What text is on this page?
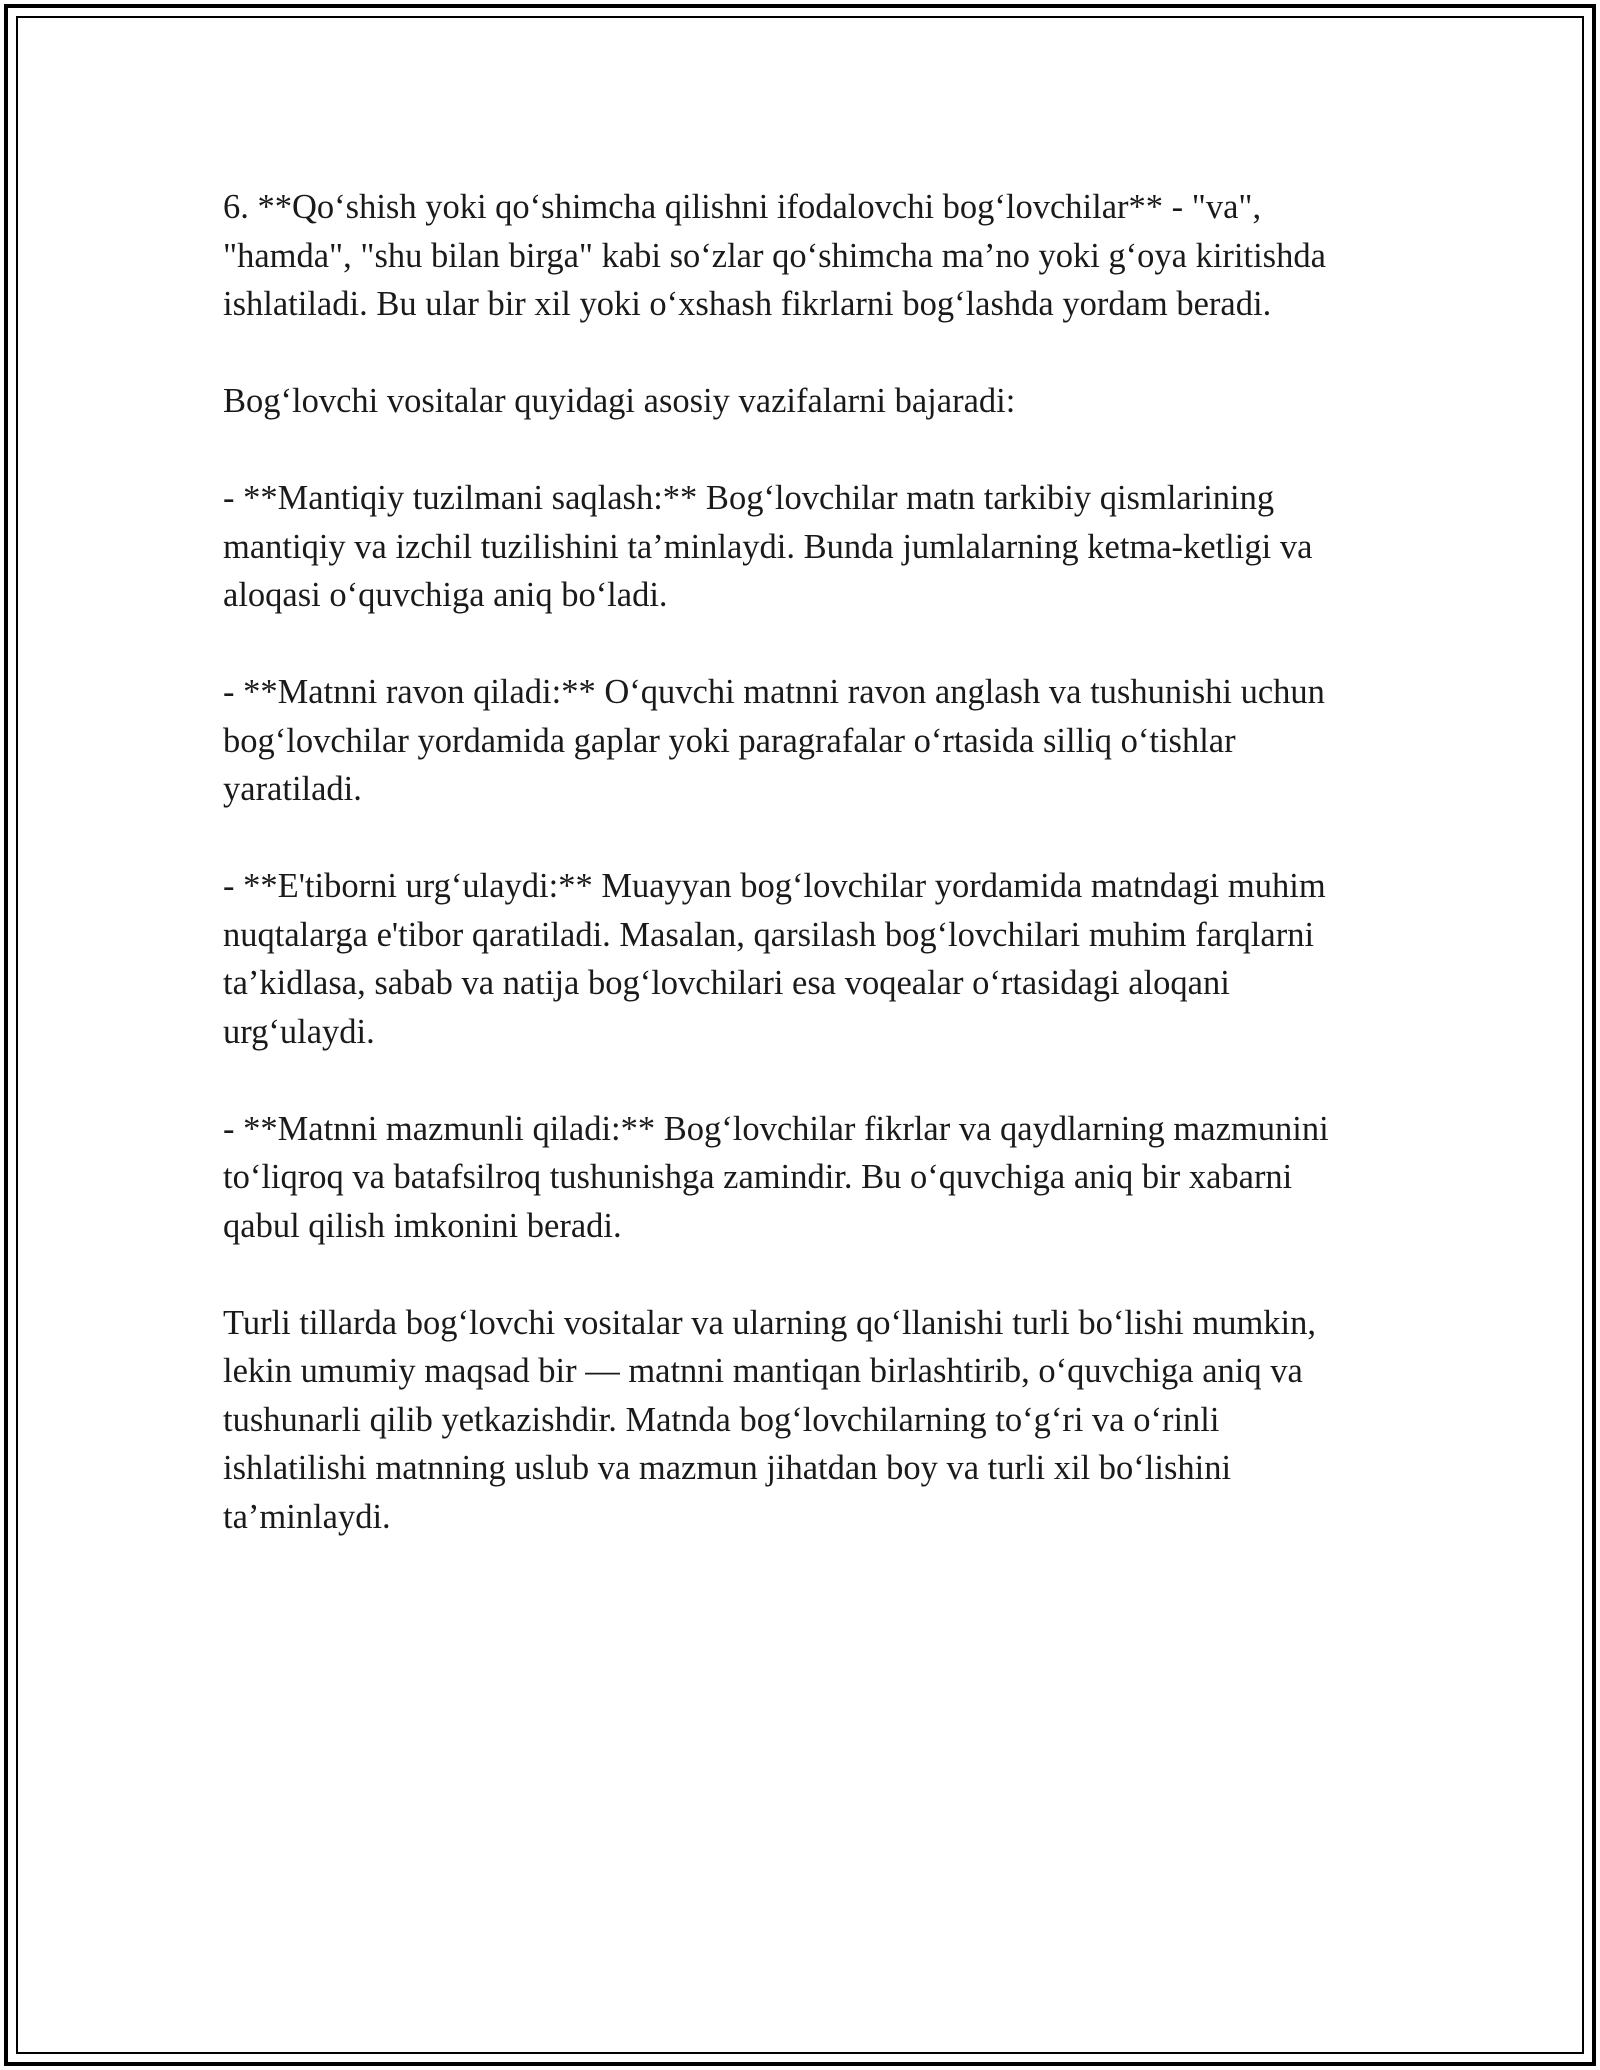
6. **Qo‘shish yoki qo‘shimcha qilishni ifodalovchi bog‘lovchilar** - "va", "hamda", "shu bilan birga" kabi so‘zlar qo‘shimcha ma’no yoki g‘oya kiritishda ishlatiladi. Bu ular bir xil yoki o‘xshash fikrlarni bog‘lashda yordam beradi.

Bog‘lovchi vositalar quyidagi asosiy vazifalarni bajaradi:

- **Mantiqiy tuzilmani saqlash:** Bog‘lovchilar matn tarkibiy qismlarining mantiqiy va izchil tuzilishini ta’minlaydi. Bunda jumlalarning ketma-ketligi va aloqasi o‘quvchiga aniq bo‘ladi.

- **Matnni ravon qiladi:** O‘quvchi matnni ravon anglash va tushunishi uchun bog‘lovchilar yordamida gaplar yoki paragrafalar o‘rtasida silliq o‘tishlar yaratiladi.

- **E'tiborni urg‘ulaydi:** Muayyan bog‘lovchilar yordamida matndagi muhim nuqtalarga e'tibor qaratiladi. Masalan, qarsilash bog‘lovchilari muhim farqlarni ta’kidlasa, sabab va natija bog‘lovchilari esa voqealar o‘rtasidagi aloqani urg‘ulaydi.

- **Matnni mazmunli qiladi:** Bog‘lovchilar fikrlar va qaydlarning mazmunini to‘liqroq va batafsilroq tushunishga zamindir. Bu o‘quvchiga aniq bir xabarni qabul qilish imkonini beradi.

Turli tillarda bog‘lovchi vositalar va ularning qo‘llanishi turli bo‘lishi mumkin, lekin umumiy maqsad bir — matnni mantiqan birlashtirib, o‘quvchiga aniq va tushunarli qilib yetkazishdir. Matnda bog‘lovchilarning to‘g‘ri va o‘rinli ishlatilishi matnning uslub va mazmun jihatdan boy va turli xil bo‘lishini ta’minlaydi.
